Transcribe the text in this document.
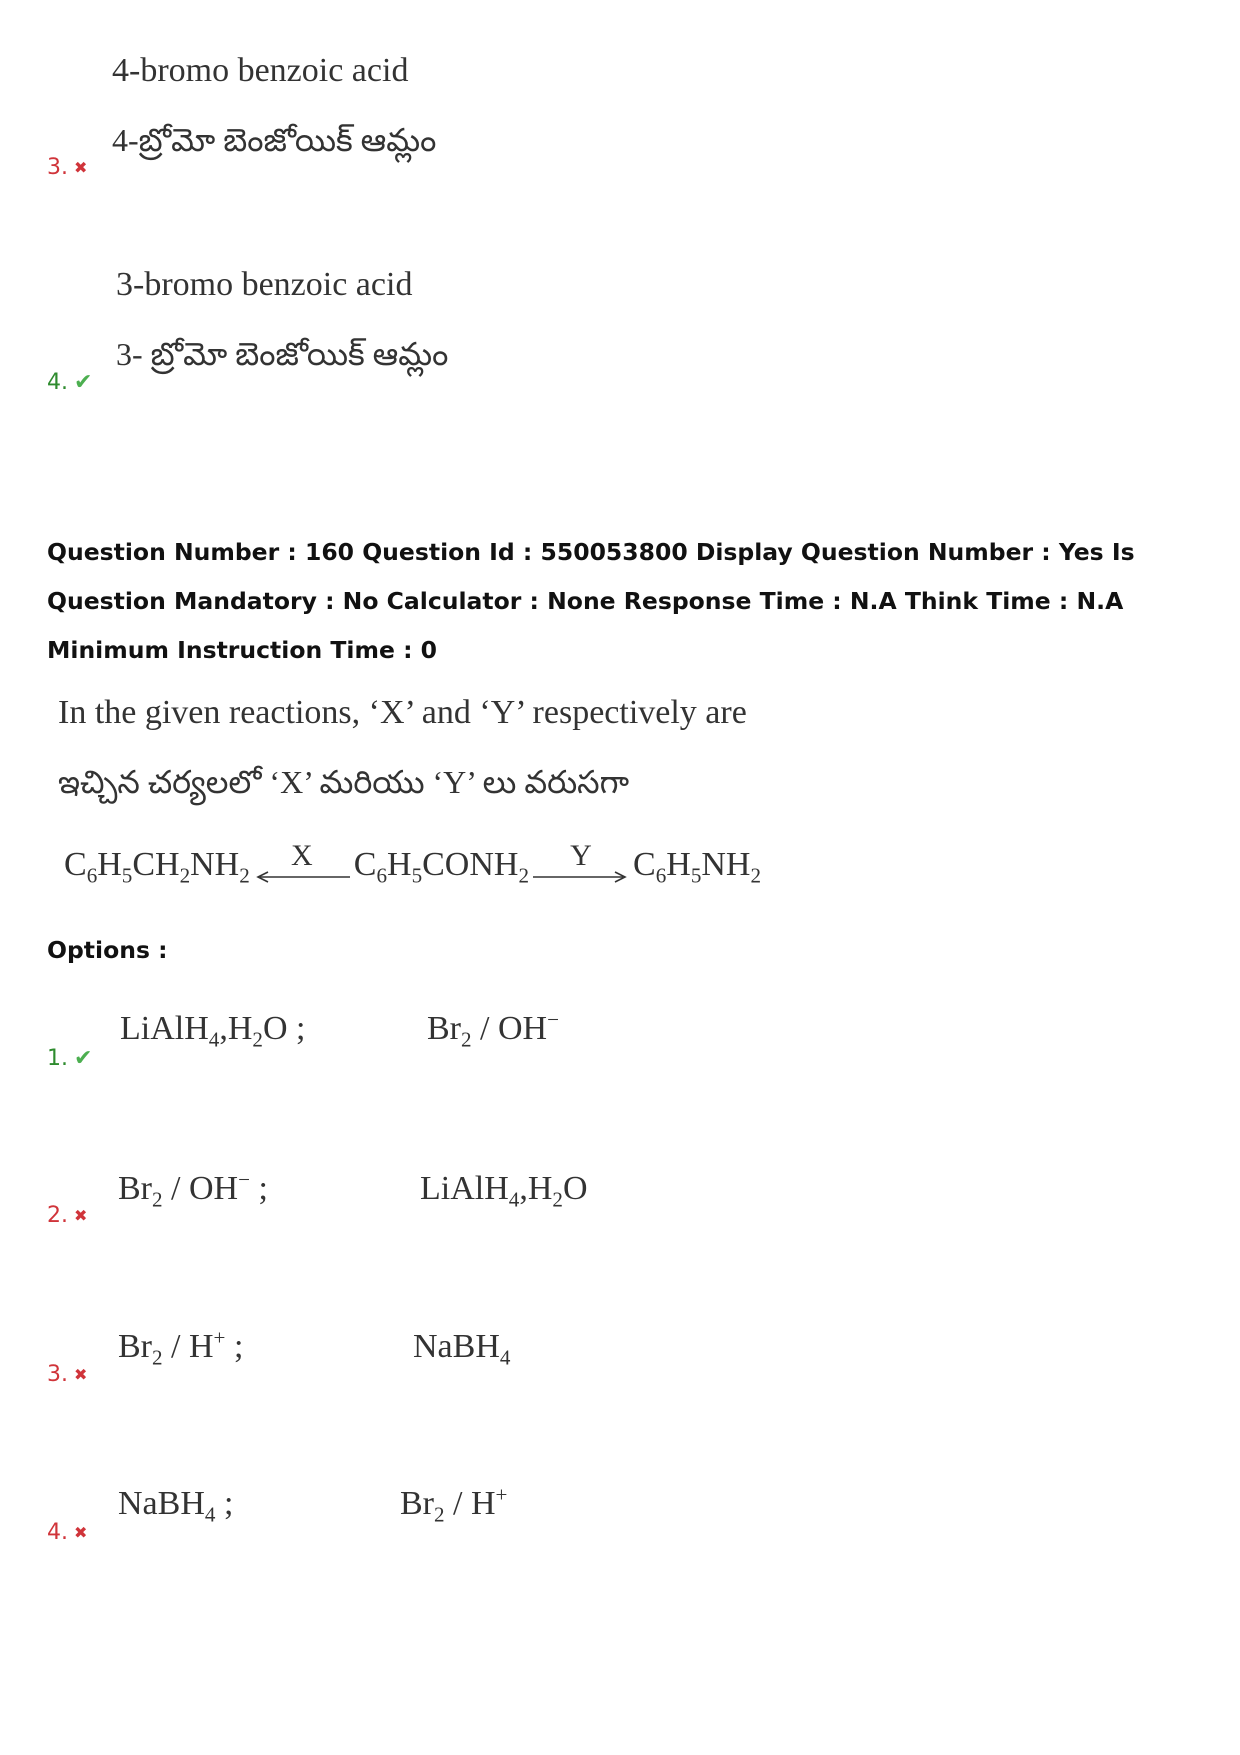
4-bromo benzoic acid
4-బ్రోమో బెంజోయిక్ ఆమ్లం
3. ✖
3-bromo benzoic acid
3- బ్రోమో బెంజోయిక్ ఆమ్లం
4. ✔
Question Number : 160 Question Id : 550053800 Display Question Number : Yes Is Question Mandatory : No Calculator : None Response Time : N.A Think Time : N.A Minimum Instruction Time : 0
In the given reactions, ‘X’ and ‘Y’ respectively are
ఇచ్చిన చర్యలలో ‘X’ మరియు ‘Y’ లు వరుసగా
$C_6H_5CH_2NH_2$
X $C_6H_5CONH_2$
Y $C_6H_5NH_2$
Options :
$LiAlH_4,H_2O$ ;	$Br_2 / OH^-$
1. ✔
$Br_2 / OH^-$ ;	$LiAlH_4,H_2O$
2. ✖
$Br_2 / H^+$ ;	NaBH$_4$
3. ✖
NaBH$_4$ ;	$Br_2 / H^+$
4. ✖
